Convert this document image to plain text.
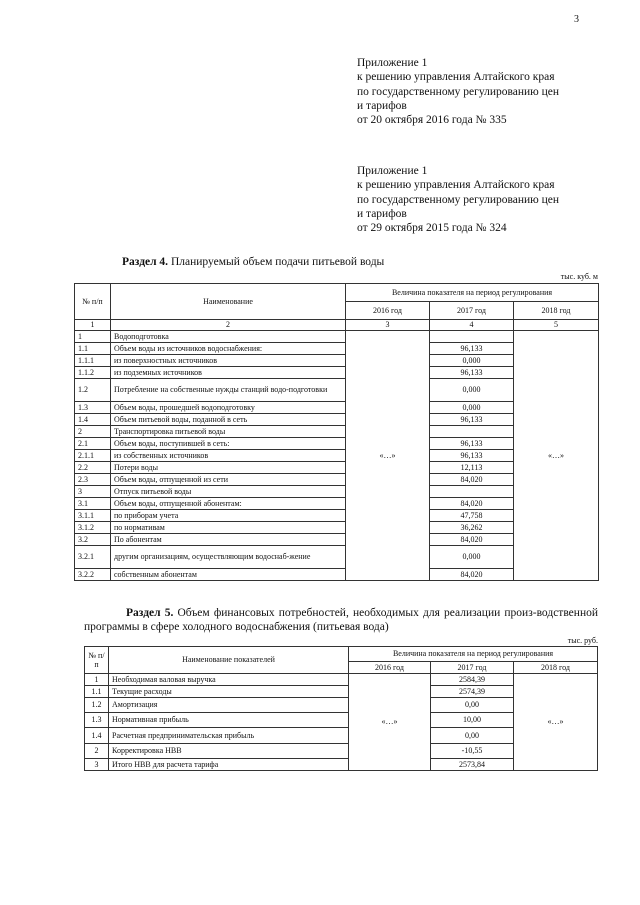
3
Приложение 1
к решению управления Алтайского края
по государственному регулированию цен
и тарифов
от 20 октября 2016 года № 335
Приложение 1
к решению управления Алтайского края
по государственному регулированию цен
и тарифов
от 29 октября 2015 года № 324
Раздел 4. Планируемый объем подачи питьевой воды
тыс. куб. м
№ п/п	Наименование	Величина показателя на период регулирования		
		2016 год	2017 год	2018 год
1	2	3	4	5
1	Водоподготовка	«…»		«…»
1.1	Объем воды из источников водоснабжения:		96,133	
1.1.1	из поверхностных источников		0,000	
1.1.2	из подземных источников		96,133	
1.2	Потребление на собственные нужды станций водо-подготовки		0,000	
1.3	Объем воды, прошедшей водоподготовку		0,000	
1.4	Объем питьевой воды, поданной в сеть		96,133	
2	Транспортировка питьевой воды			
2.1	Объем воды, поступившей в сеть:		96,133	
2.1.1	из собственных источников		96,133	
2.2	Потери воды		12,113	
2.3	Объем воды, отпущенной из сети		84,020	
3	Отпуск питьевой воды			
3.1	Объем воды, отпущенной абонентам:		84,020	
3.1.1	по приборам учета		47,758	
3.1.2	по нормативам		36,262	
3.2	По абонентам		84,020	
3.2.1	другим организациям, осуществляющим водоснаб-жение		0,000	
3.2.2	собственным абонентам		84,020	
Раздел 5. Объем финансовых потребностей, необходимых для реализации произ-водственной программы в сфере холодного водоснабжения (питьевая вода)
тыс. руб.
№ п/п	Наименование показателей	Величина показателя на период регулирования		
		2016 год	2017 год	2018 год
1	Необходимая валовая выручка	«…»	2584,39	«…»
1.1	Текущие расходы		2574,39	
1.2	Амортизация		0,00	
1.3	Нормативная прибыль		10,00	
1.4	Расчетная предпринимательская прибыль		0,00	
2	Корректировка НВВ		-10,55	
3	Итого НВВ для расчета тарифа		2573,84	
